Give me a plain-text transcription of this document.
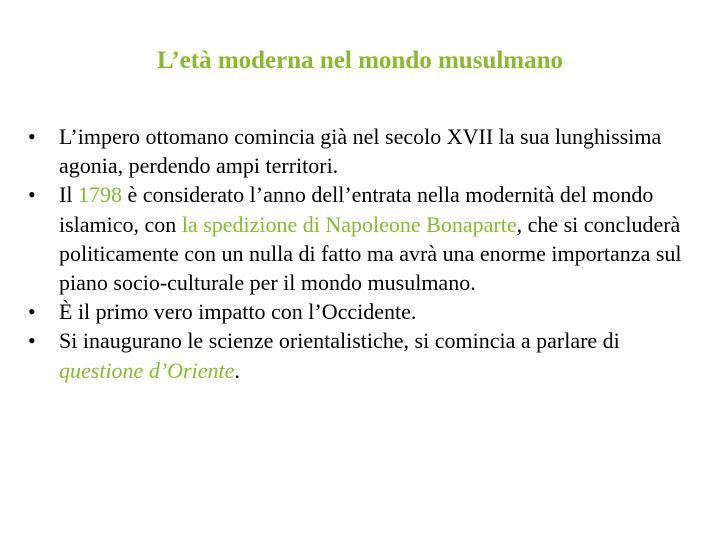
L’età moderna nel mondo musulmano
• L’impero ottomano comincia già nel secolo XVII la sua lunghissima agonia, perdendo ampi territori.
• Il 1798 è considerato l’anno dell’entrata nella modernità del mondo islamico, con la spedizione di Napoleone Bonaparte, che si concluderà politicamente con un nulla di fatto ma avrà una enorme importanza sul piano socio-culturale per il mondo musulmano.
• È il primo vero impatto con l’Occidente.
• Si inaugurano le scienze orientalistiche, si comincia a parlare di questione d’Oriente.
